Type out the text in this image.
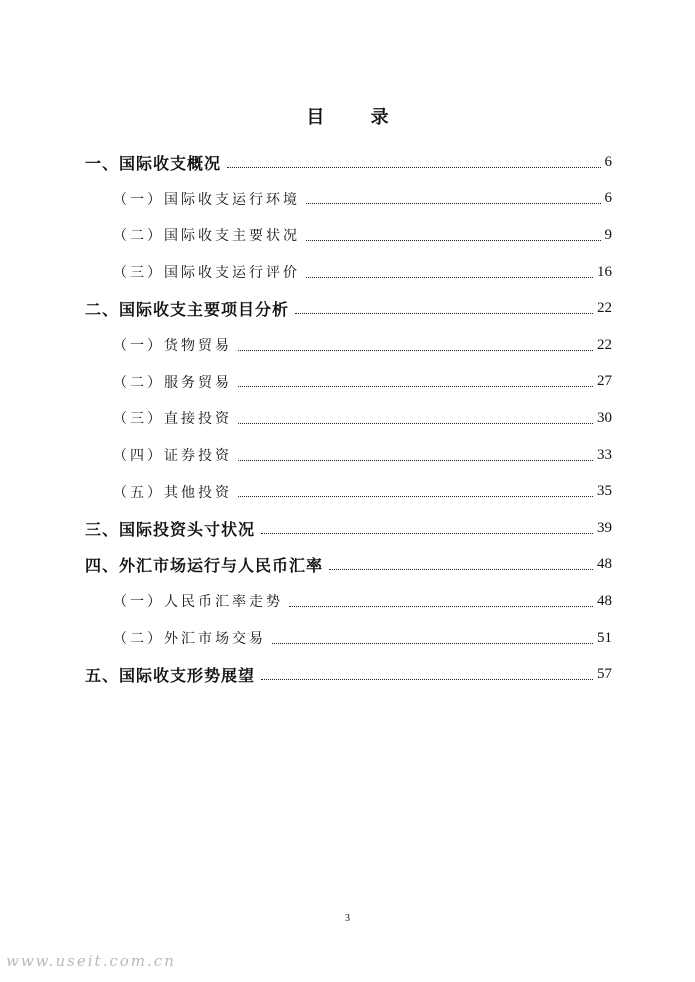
目 录
一、国际收支概况	6
（一）国际收支运行环境	6
（二）国际收支主要状况	9
（三）国际收支运行评价	16
二、国际收支主要项目分析	22
（一）货物贸易	22
（二）服务贸易	27
（三）直接投资	30
（四）证券投资	33
（五）其他投资	35
三、国际投资头寸状况	39
四、外汇市场运行与人民币汇率	48
（一）人民币汇率走势	48
（二）外汇市场交易	51
五、国际收支形势展望	57
3
www.useit.com.cn
